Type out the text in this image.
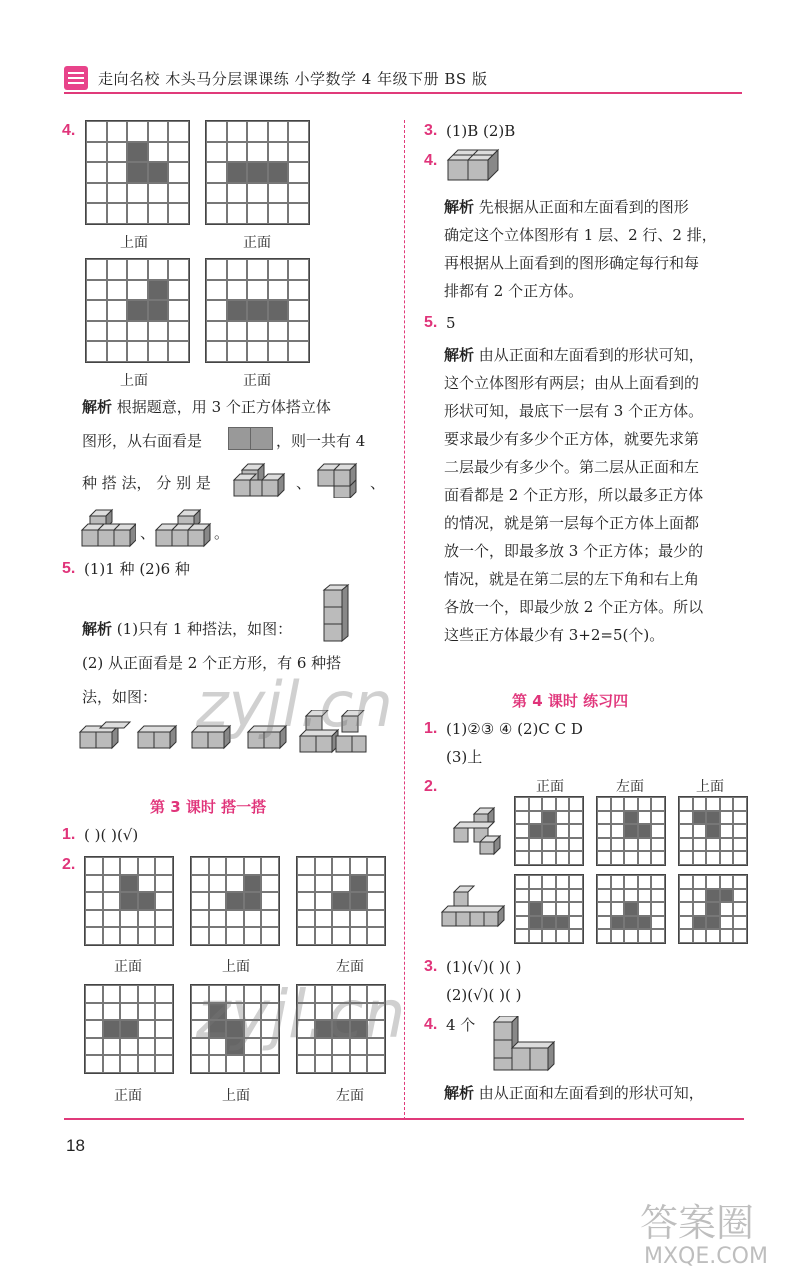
走向名校 木头马分层课课练 小学数学 4 年级下册 BS 版
4.
上面	正面
上面	正面
解析 根据题意，用 3 个正方体搭立体
图形，从右面看是	，则一共有 4
种 搭 法， 分 别 是	、	、
、	。
5. (1)1 种 (2)6 种
解析 (1)只有 1 种搭法，如图：
(2) 从正面看是 2 个正方形，有 6 种搭
法，如图：
第 3 课时 搭一搭
1. ( )( )(√)
2.
正面	上面	左面
正面	上面	左面
3. (1)B (2)B
4.
解析 先根据从正面和左面看到的图形
确定这个立体图形有 1 层、2 行、2 排，
再根据从上面看到的图形确定每行和每
排都有 2 个正方体。
5. 5
解析 由从正面和左面看到的形状可知，
这个立体图形有两层；由从上面看到的
形状可知，最底下一层有 3 个正方体。
要求最少有多少个正方体，就要先求第
二层最少有多少个。第二层从正面和左
面看都是 2 个正方形，所以最多正方体
的情况，就是第一层每个正方体上面都
放一个，即最多放 3 个正方体；最少的
情况，就是在第二层的左下角和右上角
各放一个，即最少放 2 个正方体。所以
这些正方体最少有 3+2=5(个)。
第 4 课时 练习四
1. (1)②③ ④ (2)C C D
(3)上
2.	正面	左面	上面
3. (1)(√)( )( )
(2)(√)( )( )
4. 4 个
解析 由从正面和左面看到的形状可知，
18
zyjl.cn
zyjl.cn
答案圈
MXQE.COM
